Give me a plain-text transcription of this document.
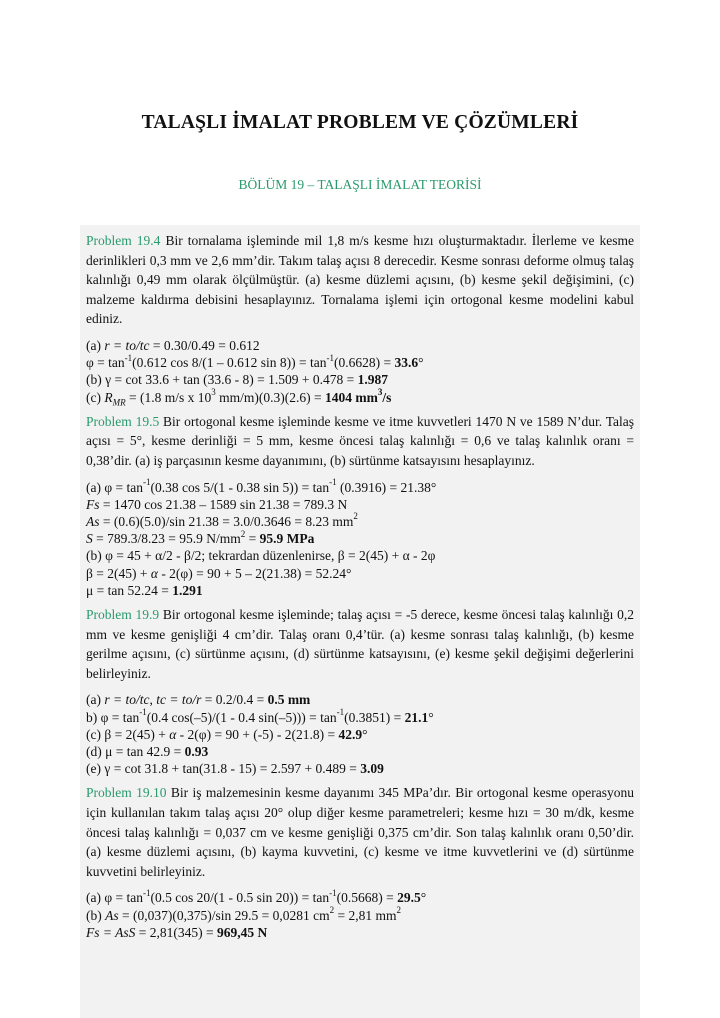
TALAŞLI İMALAT PROBLEM VE ÇÖZÜMLERİ
BÖLÜM 19 – TALAŞLI İMALAT TEORİSİ

Problem 19.4 Bir tornalama işleminde mil 1,8 m/s kesme hızı oluşturmaktadır. İlerleme ve kesme derinlikleri 0,3 mm ve 2,6 mm’dir. Takım talaş açısı 8 derecedir. Kesme sonrası deforme olmuş talaş kalınlığı 0,49 mm olarak ölçülmüştür. (a) kesme düzlemi açısını, (b) kesme şekil değişimini, (c) malzeme kaldırma debisini hesaplayınız. Tornalama işlemi için ortogonal kesme modelini kabul ediniz.

(a) r = to/tc = 0.30/0.49 = 0.612
$\varphi = \tan^{-1}(0.612$ cos 8/(1 – 0.612 $\sin 8)) = \tan^{-1}(0.6628) = 33.6^\circ$
(b) γ = cot 33.6 + tan (33.6 - 8) = 1.509 + 0.478 = 1.987
(c) $R_{MR} = (1.8$ m/s x $10^3$ mm/m)(0.3)(2.6) = 1404 $mm^3/s$

Problem 19.5 Bir ortogonal kesme işleminde kesme ve itme kuvvetleri 1470 N ve 1589 N’dur. Talaş açısı = 5°, kesme derinliği = 5 mm, kesme öncesi talaş kalınlığı = 0,6 ve talaş kalınlık oranı = 0,38’dir. (a) iş parçasının kesme dayanımını, (b) sürtünme katsayısını hesaplayınız.

(a) $\varphi = \tan^{-1}(0.38$ cos 5/(1 - 0.38 $\sin 5)) = \tan^{-1} (0.3916) = 21.38^\circ$
Fs = 1470 cos 21.38 – 1589 sin 21.38 = 789.3 N
As = (0.6)(5.0)/sin 21.38 = 3.0/0.3646 = 8.23 $mm^2$
S = 789.3/8.23 = 95.9 $N/mm^2 = 95.9$ MPa
(b) φ = 45 + α/2 - β/2; tekrardan düzenlenirse, β = 2(45) + α - 2φ
β = 2(45) + α - 2(φ) = 90 + 5 – 2(21.38) = 52.24°
μ = tan 52.24 = 1.291

Problem 19.9 Bir ortogonal kesme işleminde; talaş açısı = -5 derece, kesme öncesi talaş kalınlığı 0,2 mm ve kesme genişliği 4 cm’dir. Talaş oranı 0,4’tür. (a) kesme sonrası talaş kalınlığı, (b) kesme gerilme açısını, (c) sürtünme açısını, (d) sürtünme katsayısını, (e) kesme şekil değişimi değerlerini belirleyiniz.

(a) r = to/tc, tc = to/r = 0.2/0.4 = 0.5 mm
b) $\varphi = \tan^{-1}(0.4$ cos(–5)/(1 - 0.4 $\sin(-5))) = \tan^{-1}(0.3851) = 21.1^\circ$
(c) β = 2(45) + α - 2(φ) = 90 + (-5) - 2(21.8) = 42.9°
(d) μ = tan 42.9 = 0.93
(e) γ = cot 31.8 + tan(31.8 - 15) = 2.597 + 0.489 = 3.09

Problem 19.10 Bir iş malzemesinin kesme dayanımı 345 MPa’dır. Bir ortogonal kesme operasyonu için kullanılan takım talaş açısı 20° olup diğer kesme parametreleri; kesme hızı = 30 m/dk, kesme öncesi talaş kalınlığı = 0,037 cm ve kesme genişliği 0,375 cm’dir. Son talaş kalınlık oranı 0,50’dir. (a) kesme düzlemi açısını, (b) kayma kuvvetini, (c) kesme ve itme kuvvetlerini ve (d) sürtünme kuvvetini belirleyiniz.

(a) $\varphi = \tan^{-1}(0.5$ cos 20/(1 - 0.5 $\sin 20)) = \tan^{-1}(0.5668) = 29.5^\circ$
(b) As = (0,037)(0,375)/sin 29.5 = 0,0281 $cm^2 = 2,81$ $mm^2$
Fs = AsS = 2,81(345) = 969,45 N
